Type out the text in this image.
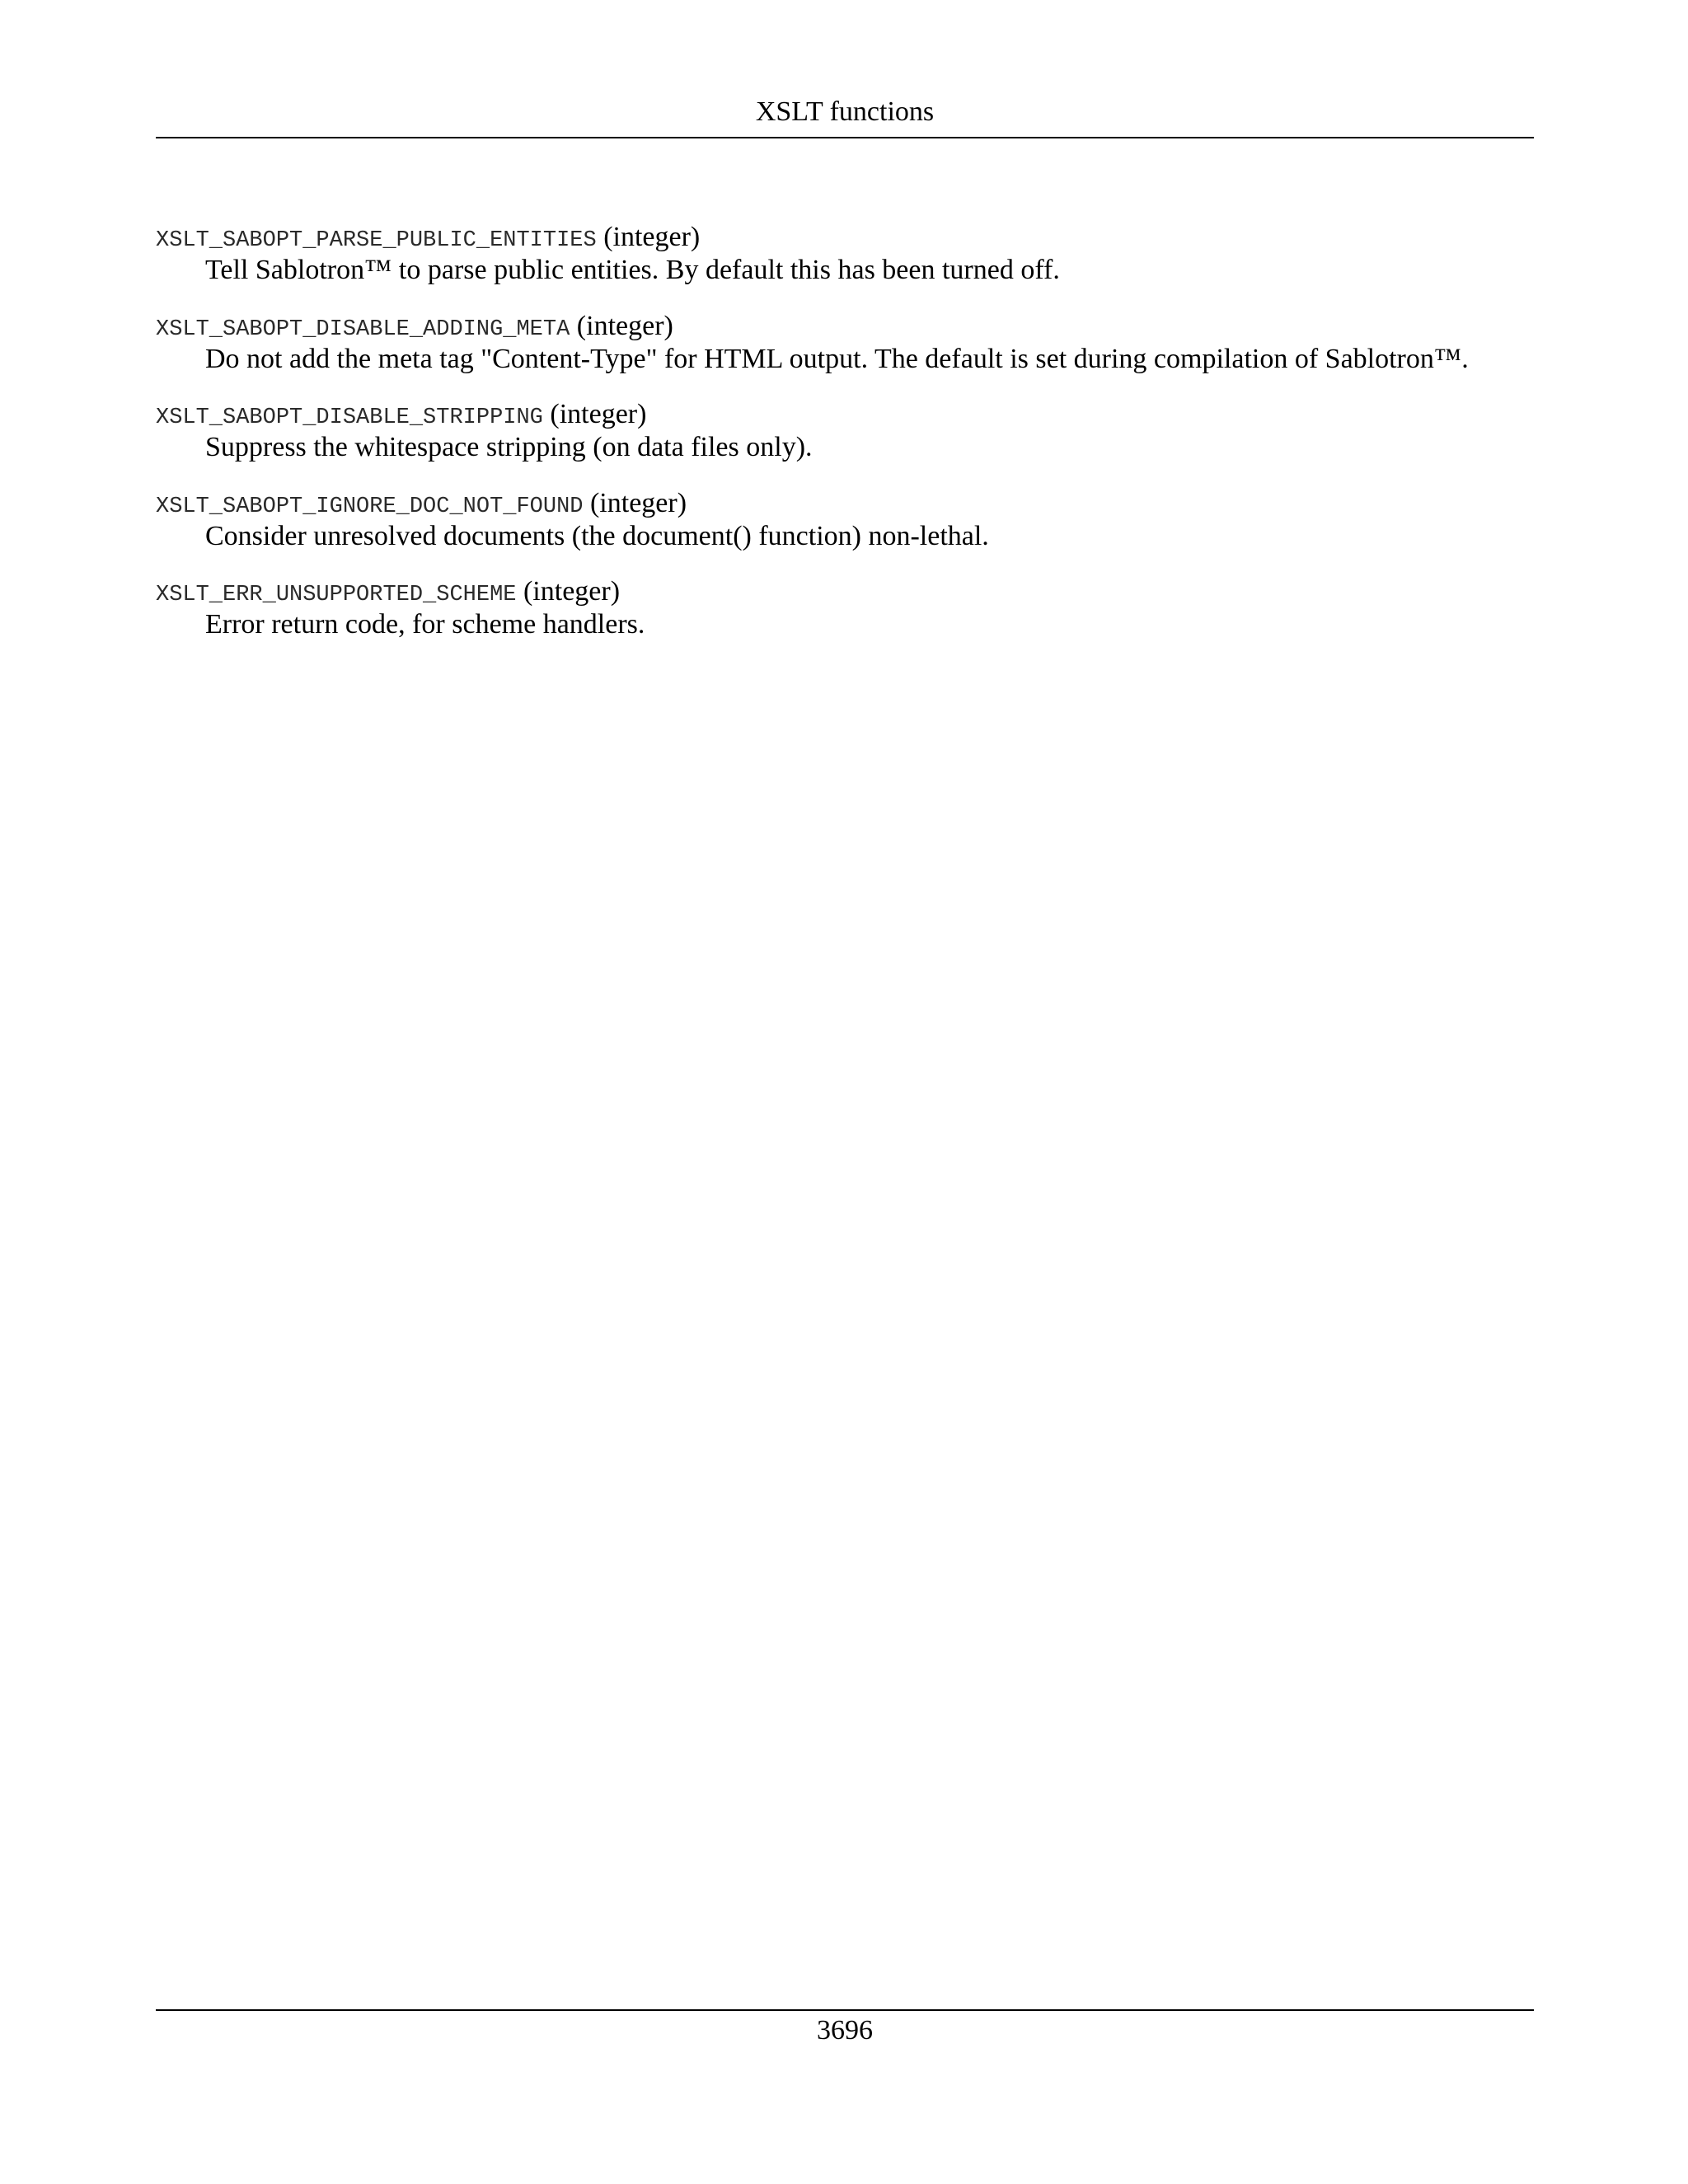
XSLT functions
XSLT_SABOPT_PARSE_PUBLIC_ENTITIES (integer)
Tell Sablotron™ to parse public entities. By default this has been turned off.
XSLT_SABOPT_DISABLE_ADDING_META (integer)
Do not add the meta tag "Content-Type" for HTML output. The default is set during compilation of Sablotron™.
XSLT_SABOPT_DISABLE_STRIPPING (integer)
Suppress the whitespace stripping (on data files only).
XSLT_SABOPT_IGNORE_DOC_NOT_FOUND (integer)
Consider unresolved documents (the document() function) non-lethal.
XSLT_ERR_UNSUPPORTED_SCHEME (integer)
Error return code, for scheme handlers.
3696
